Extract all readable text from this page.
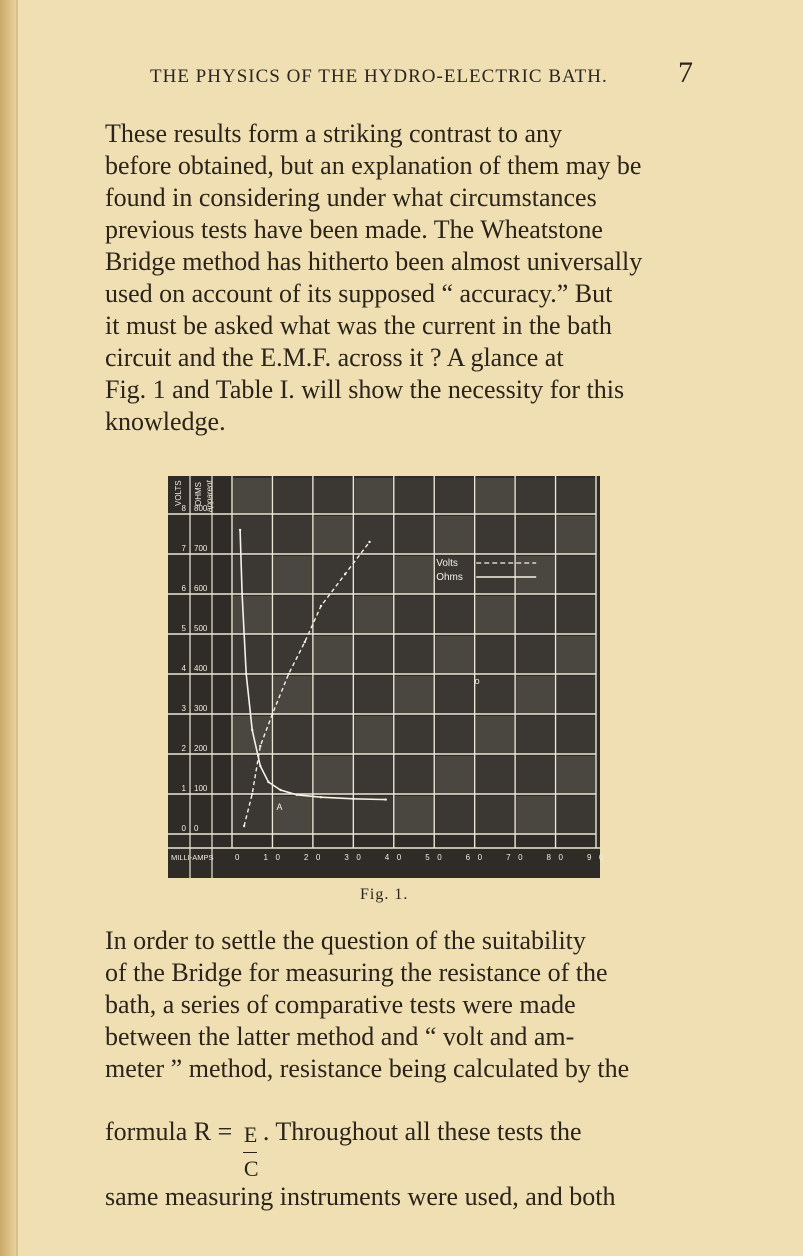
THE PHYSICS OF THE HYDRO-ELECTRIC BATH.	7
These results form a striking contrast to any
before obtained, but an explanation of them may be
found in considering under what circumstances
previous tests have been made. The Wheatstone
Bridge method has hitherto been almost universally
used on account of its supposed “ accuracy.” But
it must be asked what was the current in the bath
circuit and the E.M.F. across it ? A glance at
Fig. 1 and Table I. will show the necessity for this
knowledge.
VOLTS OHMS apparent
8
7
6
5
4
3
2
1
0
800
700
600
500
400
300
200
100
0
MILLI-AMPS	0	1 0	2 0	3 0	4 0	5 0	6 0	7 0	8 0	9 0
Volts
Ohms
o
A
Fig. 1.
In order to settle the question of the suitability
of the Bridge for measuring the resistance of the
bath, a series of comparative tests were made
between the latter method and “ volt and am-
meter ” method, resistance being calculated by the
formula R =
$\frac{E}{C}$
. Throughout all these tests the
same measuring instruments were used, and both
